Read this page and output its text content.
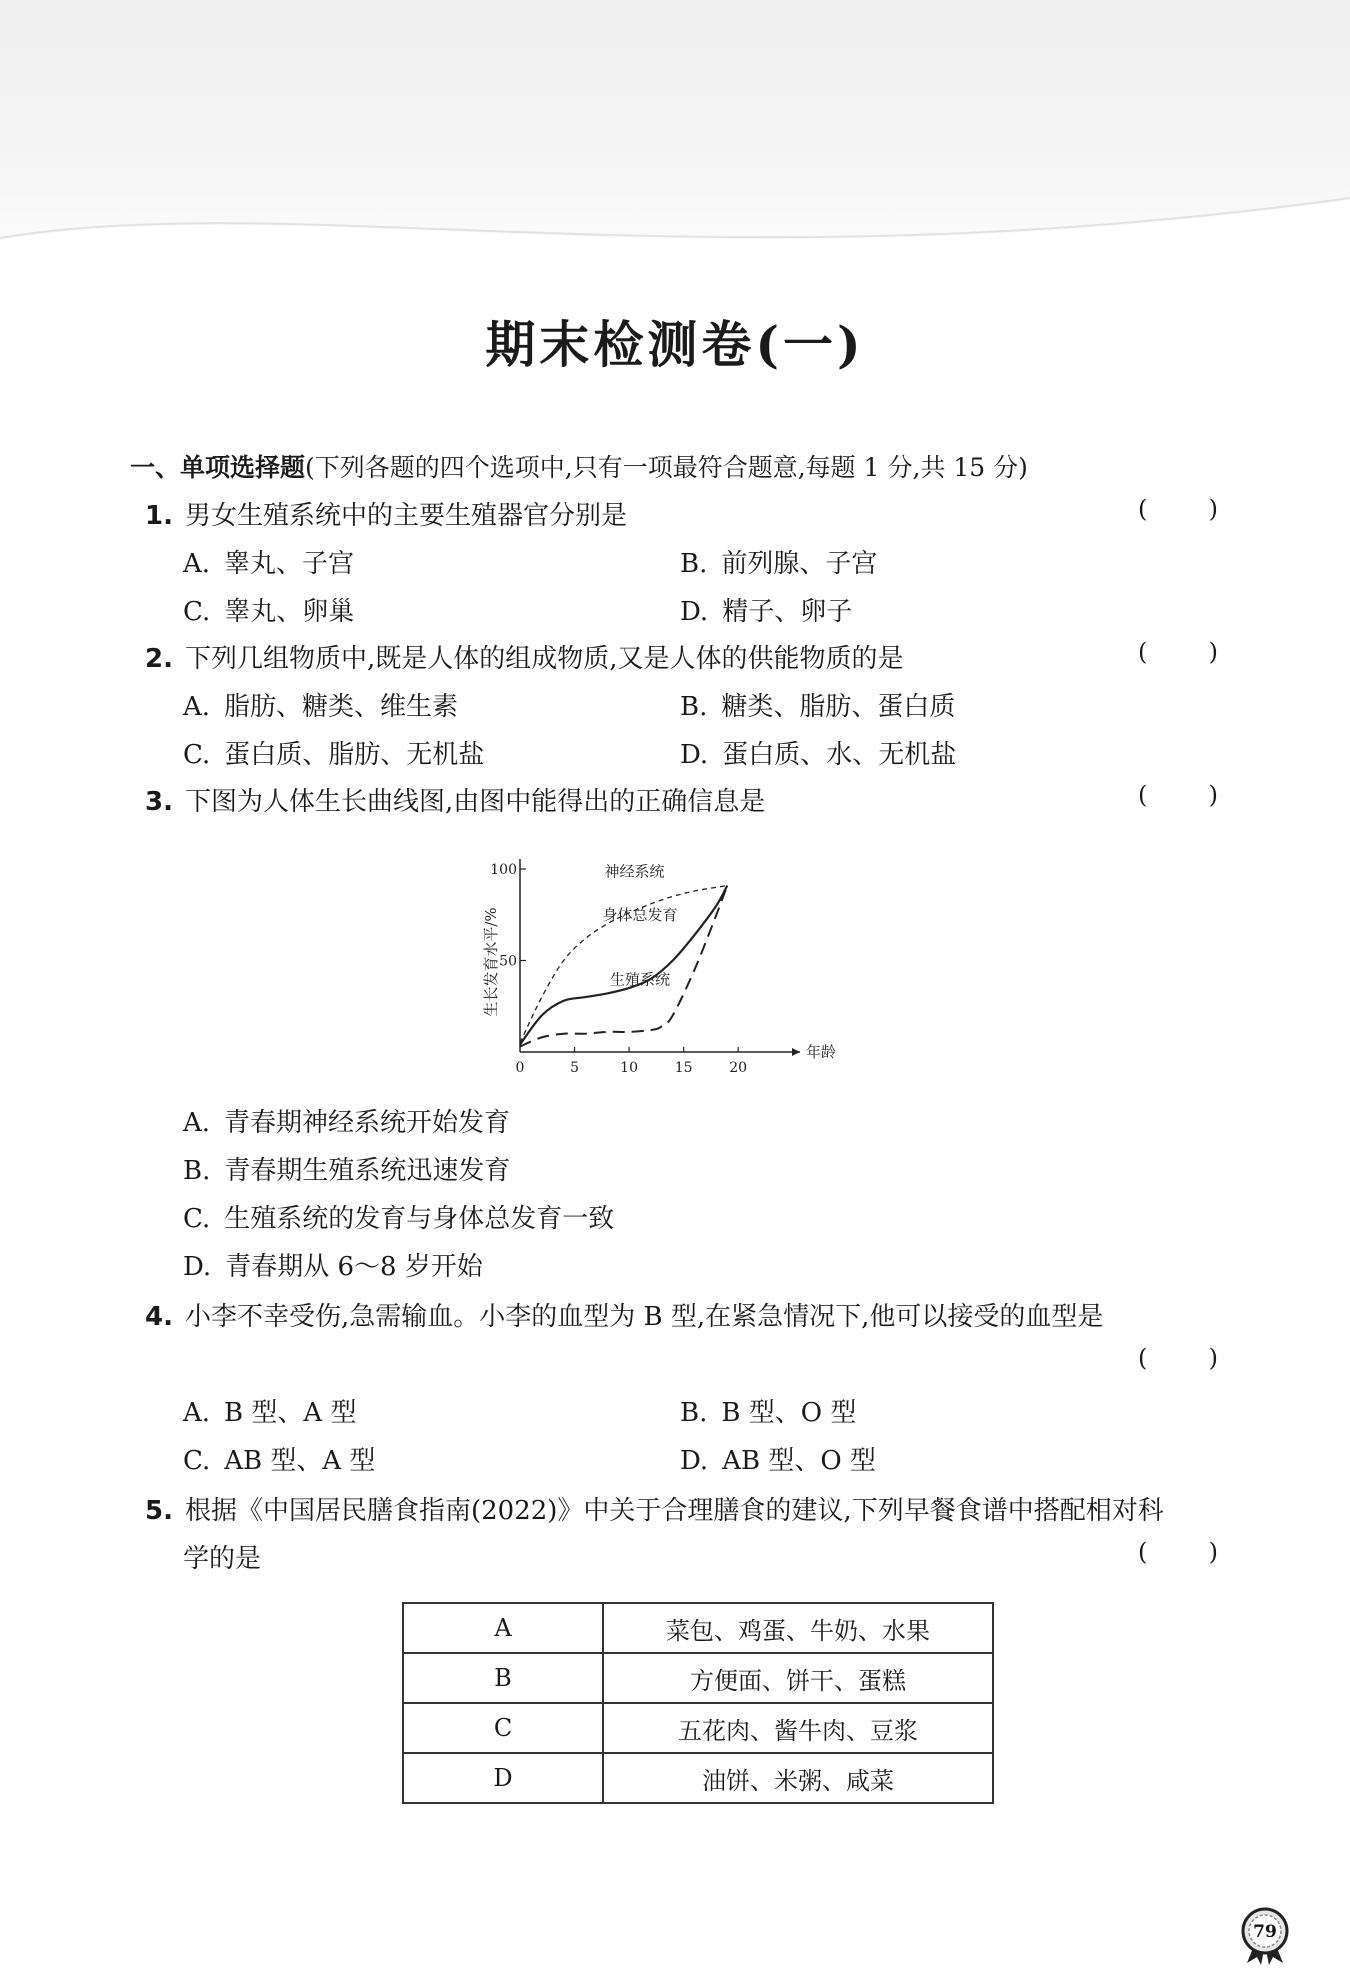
期末检测卷(一)
一、单项选择题(下列各题的四个选项中,只有一项最符合题意,每题 1 分,共 15 分)
1. 男女生殖系统中的主要生殖器官分别是	(	)
A. 睾丸、子宫	B. 前列腺、子宫
C. 睾丸、卵巢	D. 精子、卵子
2. 下列几组物质中,既是人体的组成物质,又是人体的供能物质的是	(	)
A. 脂肪、糖类、维生素	B. 糖类、脂肪、蛋白质
C. 蛋白质、脂肪、无机盐	D. 蛋白质、水、无机盐
3. 下图为人体生长曲线图,由图中能得出的正确信息是	(	)
0	5	10	15	20
50
100
年龄
生长发育水平/%
神经系统
身体总发育
生殖系统
A. 青春期神经系统开始发育
B. 青春期生殖系统迅速发育
C. 生殖系统的发育与身体总发育一致
D. 青春期从 6～8 岁开始
4. 小李不幸受伤,急需输血。小李的血型为 B 型,在紧急情况下,他可以接受的血型是
(	)
A. B 型、A 型	B. B 型、O 型
C. AB 型、A 型	D. AB 型、O 型
5. 根据《中国居民膳食指南(2022)》中关于合理膳食的建议,下列早餐食谱中搭配相对科
学的是	(	)
A	菜包、鸡蛋、牛奶、水果
B	方便面、饼干、蛋糕
C	五花肉、酱牛肉、豆浆
D	油饼、米粥、咸菜
79
